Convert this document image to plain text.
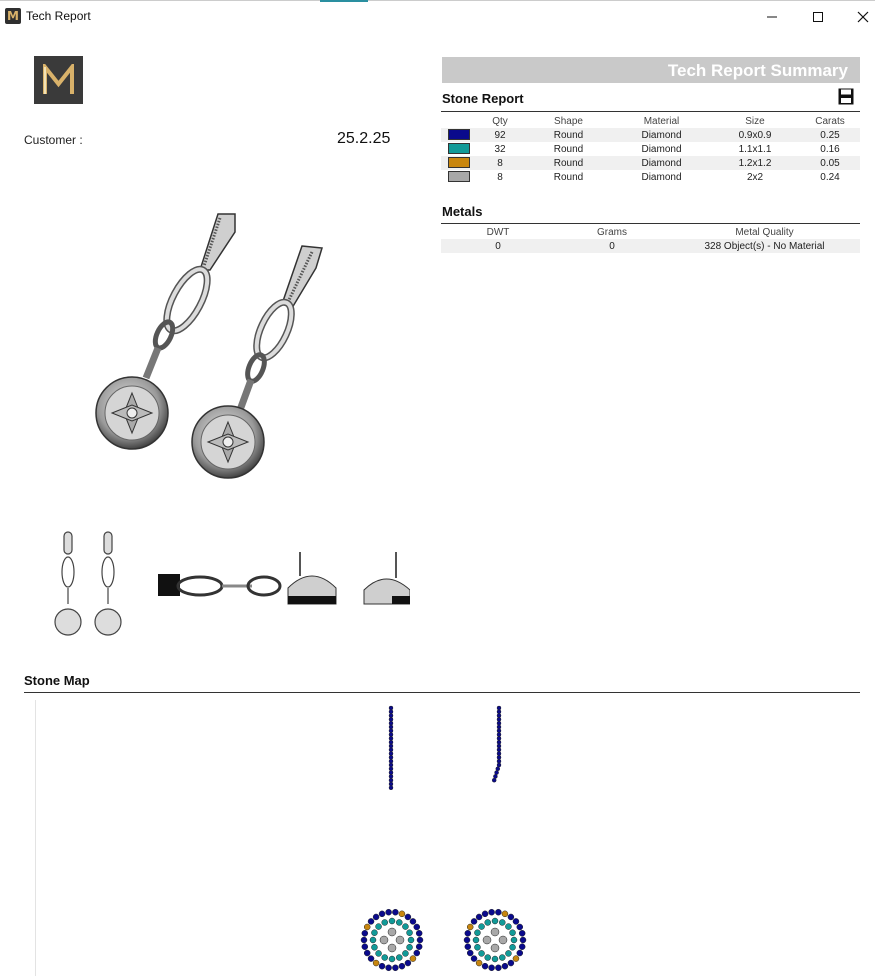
M Tech Report
Customer :	25.2.25
Tech Report Summary
Stone Report
	Qty	Shape	Material	Size	Carats
	92	Round	Diamond	0.9x0.9	0.25
	32	Round	Diamond	1.1x1.1	0.16
	8	Round	Diamond	1.2x1.2	0.05
	8	Round	Diamond	2x2	0.24
Metals
DWT	Grams	Metal Quality
0	0	328 Object(s) - No Material
Stone Map
